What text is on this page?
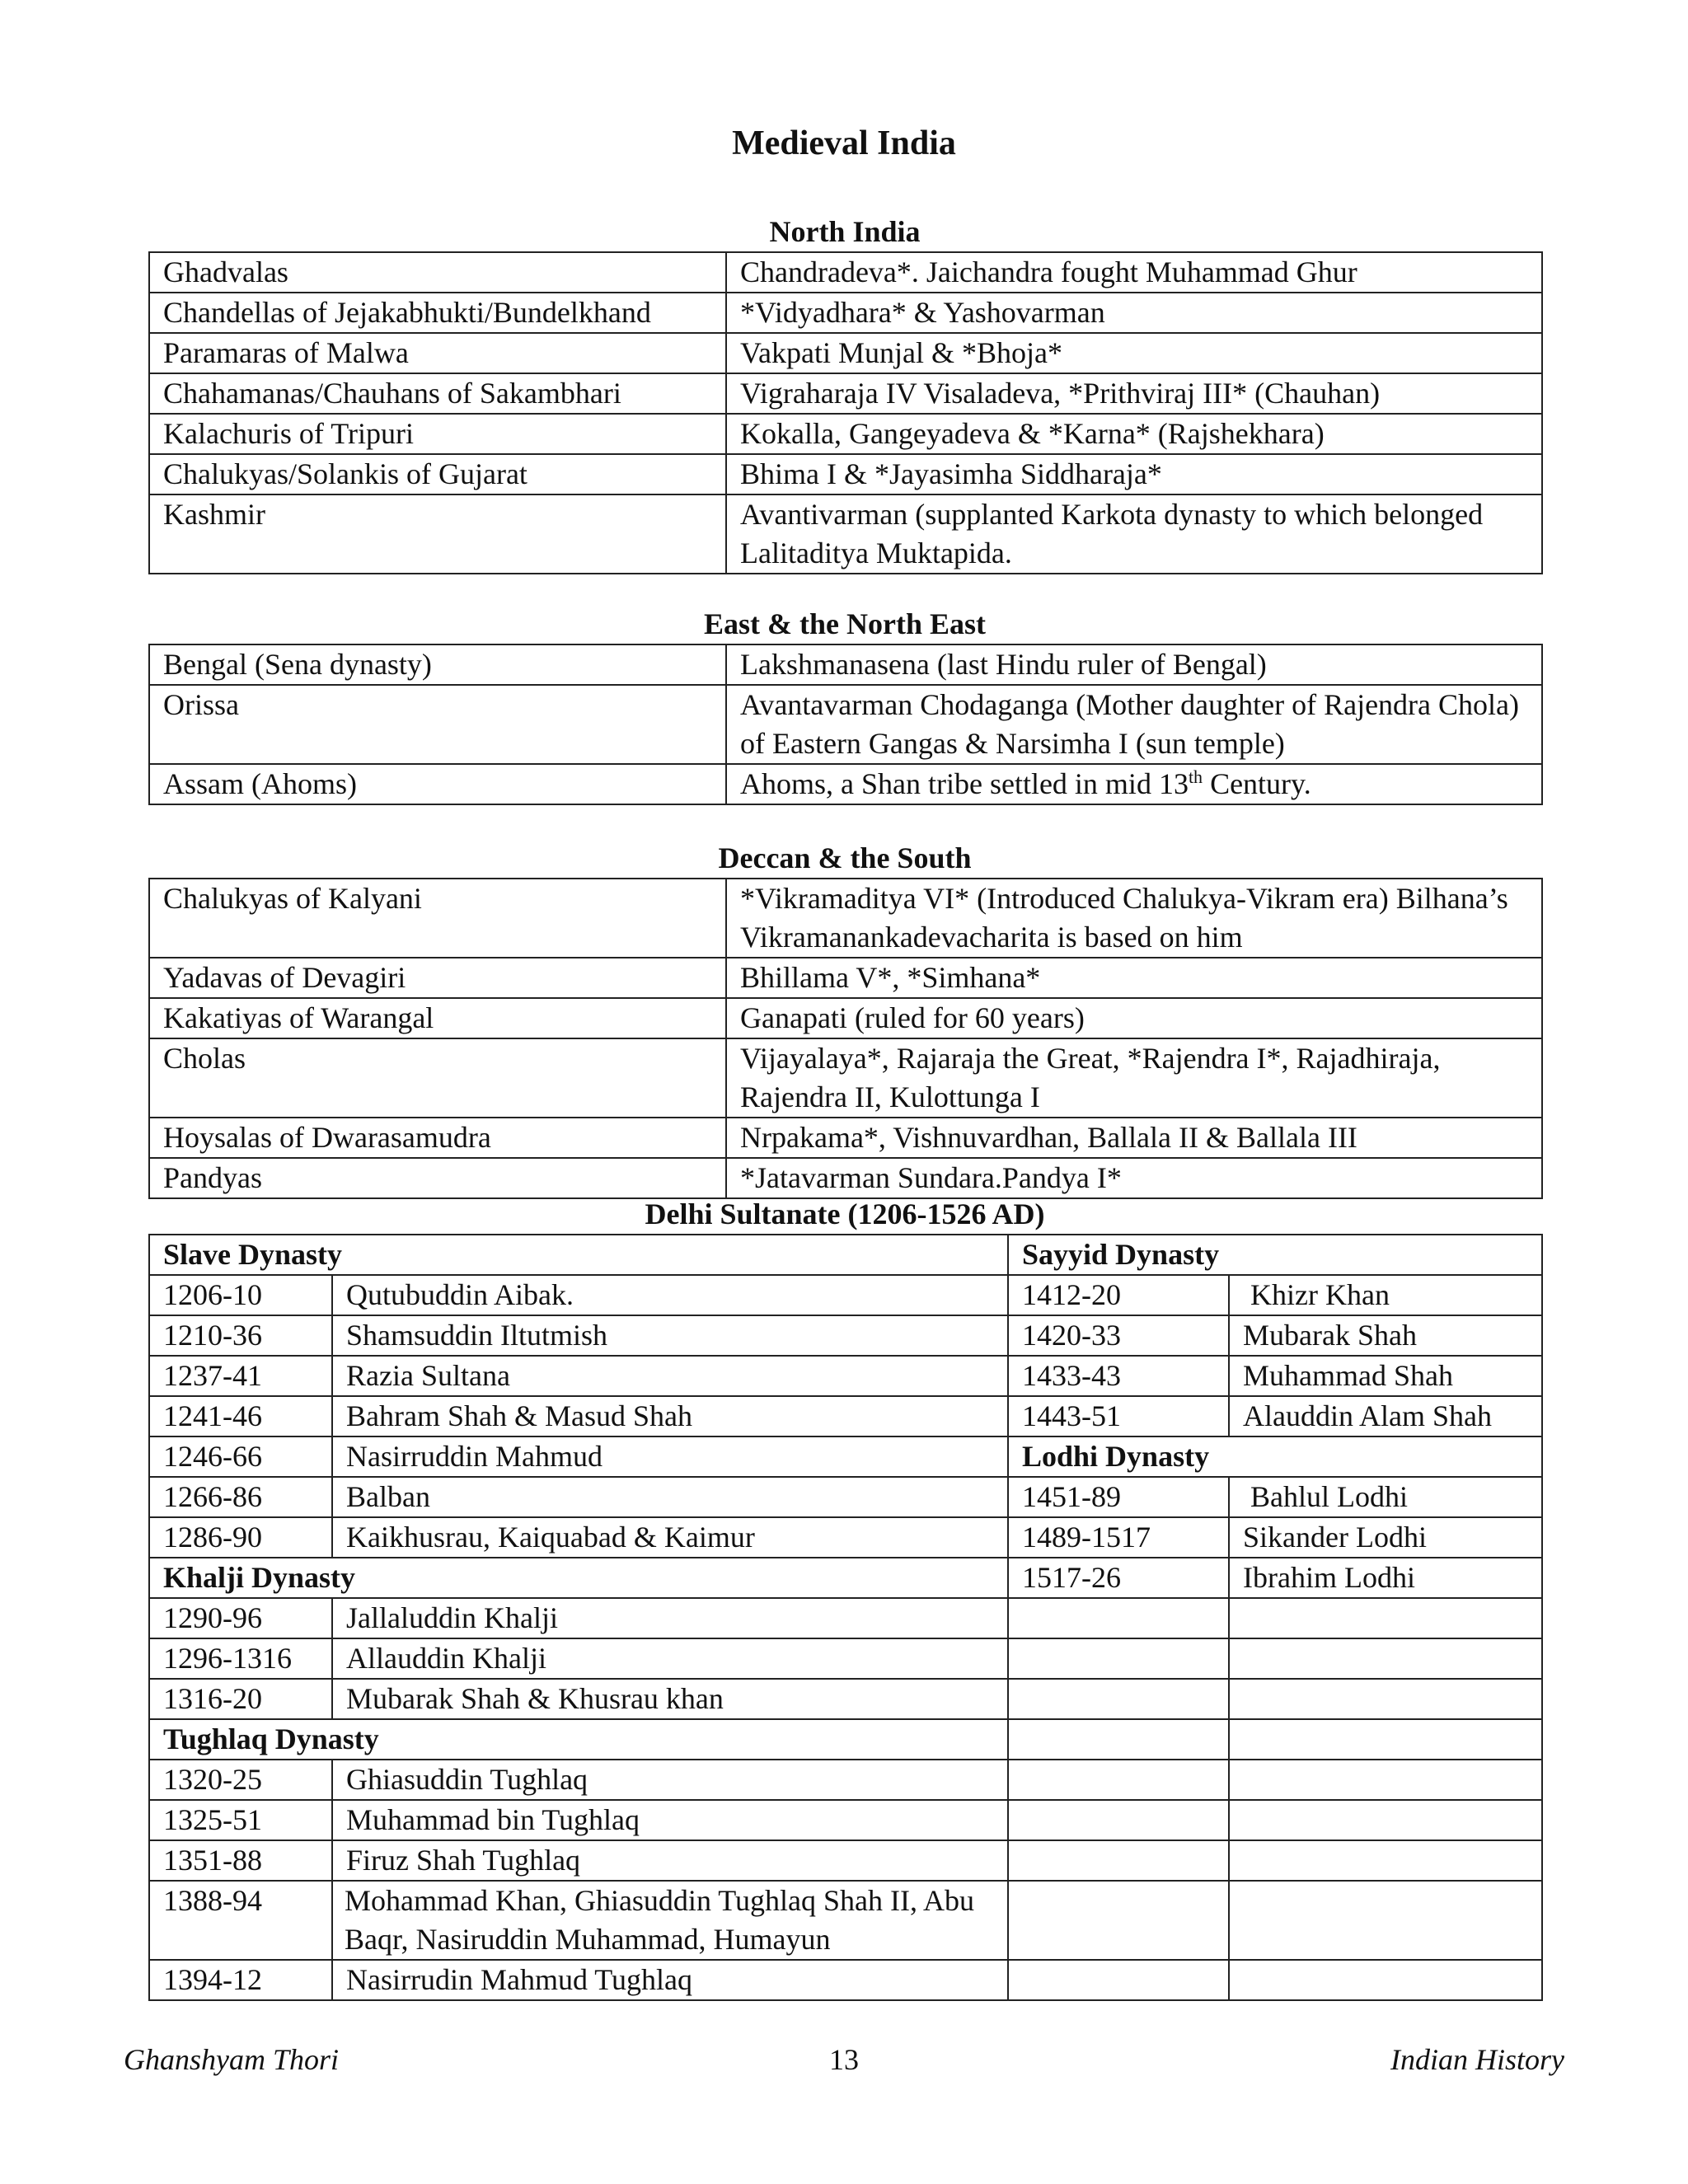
Medieval India
North India
Ghadvalas	Chandradeva*. Jaichandra fought Muhammad Ghur
Chandellas of Jejakabhukti/Bundelkhand	*Vidyadhara* & Yashovarman
Paramaras of Malwa	Vakpati Munjal & *Bhoja*
Chahamanas/Chauhans of Sakambhari	Vigraharaja IV Visaladeva, *Prithviraj III* (Chauhan)
Kalachuris of Tripuri	Kokalla, Gangeyadeva & *Karna* (Rajshekhara)
Chalukyas/Solankis of Gujarat	Bhima I & *Jayasimha Siddharaja*
Kashmir	Avantivarman (supplanted Karkota dynasty to which belonged Lalitaditya Muktapida.
East & the North East
Bengal (Sena dynasty)	Lakshmanasena (last Hindu ruler of Bengal)
Orissa	Avantavarman Chodaganga (Mother daughter of Rajendra Chola) of Eastern Gangas & Narsimha I (sun temple)
Assam (Ahoms)	Ahoms, a Shan tribe settled in mid 13th Century.
Deccan & the South
Chalukyas of Kalyani	*Vikramaditya VI* (Introduced Chalukya-Vikram era) Bilhana’s Vikramanankadevacharita is based on him
Yadavas of Devagiri	Bhillama V*, *Simhana*
Kakatiyas of Warangal	Ganapati (ruled for 60 years)
Cholas	Vijayalaya*, Rajaraja the Great, *Rajendra I*, Rajadhiraja, Rajendra II, Kulottunga I
Hoysalas of Dwarasamudra	Nrpakama*, Vishnuvardhan, Ballala II & Ballala III
Pandyas	*Jatavarman Sundara.Pandya I*
Delhi Sultanate (1206-1526 AD)
Slave Dynasty		Sayyid Dynasty	
1206-10	Qutubuddin Aibak.	1412-20	Khizr Khan
1210-36	Shamsuddin Iltutmish	1420-33	Mubarak Shah
1237-41	Razia Sultana	1433-43	Muhammad Shah
1241-46	Bahram Shah & Masud Shah	1443-51	Alauddin Alam Shah
1246-66	Nasirruddin Mahmud	Lodhi Dynasty	
1266-86	Balban	1451-89	Bahlul Lodhi
1286-90	Kaikhusrau, Kaiquabad & Kaimur	1489-1517	Sikander Lodhi
Khalji Dynasty		1517-26	Ibrahim Lodhi
1290-96	Jallaluddin Khalji		
1296-1316	Allauddin Khalji		
1316-20	Mubarak Shah & Khusrau khan		
Tughlaq Dynasty			
1320-25	Ghiasuddin Tughlaq		
1325-51	Muhammad bin Tughlaq		
1351-88	Firuz Shah Tughlaq		
1388-94	Mohammad Khan, Ghiasuddin Tughlaq Shah II, Abu Baqr, Nasiruddin Muhammad, Humayun		
1394-12	Nasirrudin Mahmud Tughlaq		
Ghanshyam Thori	13	Indian History
